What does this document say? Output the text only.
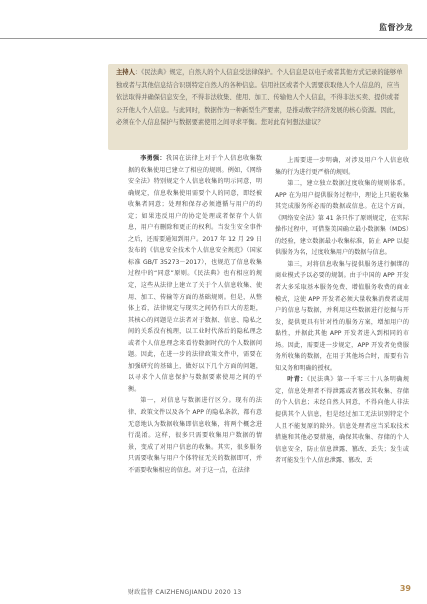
监督沙龙

主持人：《民法典》规定，自然人的个人信息受法律保护。个人信息是以电子或者其他方式记录的能够单独或者与其他信息结合识别特定自然人的各种信息。信用社区或者个人需要获取他人个人信息的，应当依法取得并确保信息安全，不得非法收集、使用、加工、传输他人个人信息，不得非法买卖、提供或者公开他人个人信息。与此同时，数据作为一种新型生产要素，是推动数字经济发展的核心资源。因此，必须在个人信息保护与数据要素使用之间寻求平衡。您对此有何想法建议？

李勇强：我国在法律上对于个人信息收集数据的收集使用已建立了相应的规则。例如，《网络安全法》特别规定个人信息收集的明示同意，明确规定，信息收集使用需要个人的同意，即经被收集者同意；处理和保存必须遵循与用户的约定；如果违反用户的协定处理或者保存个人信息，用户有删除和更正的权利。当发生安全事件之后，还需要通知到用户。2017 年 12 月 29 日发布的《信息安全技术个人信息安全规范》（国家标准 GB/T 35273－2017），也规范了信息收集过程中的“同意”原则。《民法典》也有相应的规定，这些从法律上建立了关于个人信息收集、使用、加工、传输等方面的基础规则。但是，从整体上看，法律规定与现实之间仍有巨大的差距，其核心的问题是立法者对于数据、信息、隐私之间的关系没有梳理，以工业时代落后的隐私理念或者个人信息理念来看待数据时代的个人数据问题。因此，在进一步的法律政策文件中，需要在加强研究的基础上，做好以下几个方面的问题，以寻求个人信息保护与数据要素使用之间的平衡。

第一，对信息与数据进行区分。现有的法律、政策文件以及各个 APP 的隐私条款，都有意无意地认为数据收集即信息收集，将两个概念进行混淆。这样，很多只需要收集用户数据的情景，变成了对用户信息的收集。其实，很多服务只需要收集与用户个体特征无关的数据即可，并不需要收集相应的信息。对于这一点，在法律

上需要进一步明确，对涉及用户个人信息收集的行为进行更严格的规则。

第二，建立独立数据过度收集的规则体系。APP 在为用户提供服务过程中，理论上只能收集其完成服务所必需的数据或信息。在这个方面，《网络安全法》第 41 条只作了原则规定，在实际操作过程中，可借鉴美国确立最小数据集（MDS）的经验，建立数据最小收集标准，防止 APP 以提供服务为名，过度收集用户的数据与信息。

第三，对将信息收集与提供服务进行捆绑的商业模式予以必要的规制。由于中国的 APP 开发者大多采取基本服务免费、增值服务收费的商业模式，这使 APP 开发者必须大量收集消费者或用户的信息与数据，并利用这些数据进行挖掘与开发，提供更具有针对性的服务方案，增加用户的黏性，并据此其他 APP 开发者进入到相同的市场。因此，需要进一步规定，APP 开发者免费服务所收集的数据，在用于其他场合时，需要有告知义务和明确的授权。

叶青：《民法典》第一千零三十八条明确规定，信息处理者不得泄露或者篡改其收集、存储的个人信息；未经自然人同意，不得向他人非法提供其个人信息，但是经过加工无法识别特定个人且不能复原的除外。信息处理者应当采取技术措施和其他必要措施，确保其收集、存储的个人信息安全，防止信息泄露、篡改、丢失；发生或者可能发生个人信息泄露、篡改、丢

财政监督 CAIZHENGJIANDU 2020 13	39
